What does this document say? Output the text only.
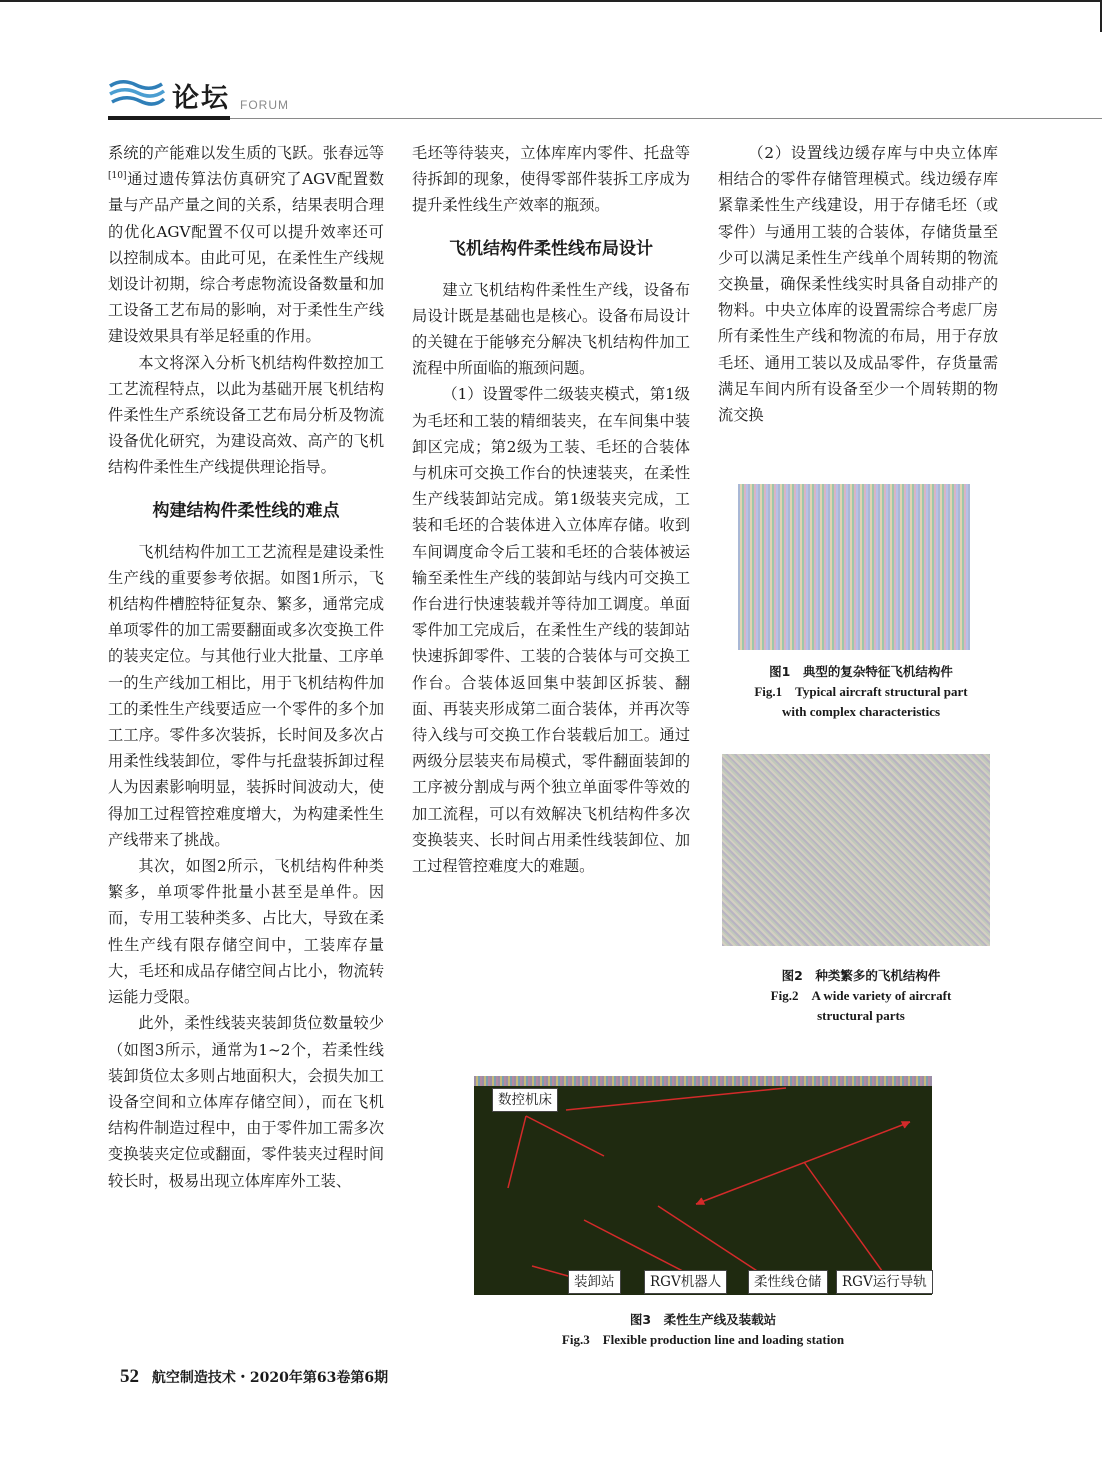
论坛 FORUM

系统的产能难以发生质的飞跃。张春远等[10]通过遗传算法仿真研究了AGV配置数量与产品产量之间的关系，结果表明合理的优化AGV配置不仅可以提升效率还可以控制成本。由此可见，在柔性生产线规划设计初期，综合考虑物流设备数量和加工设备工艺布局的影响，对于柔性生产线建设效果具有举足轻重的作用。

本文将深入分析飞机结构件数控加工工艺流程特点，以此为基础开展飞机结构件柔性生产系统设备工艺布局分析及物流设备优化研究，为建设高效、高产的飞机结构件柔性生产线提供理论指导。

构建结构件柔性线的难点

飞机结构件加工工艺流程是建设柔性生产线的重要参考依据。如图1所示，飞机结构件槽腔特征复杂、繁多，通常完成单项零件的加工需要翻面或多次变换工件的装夹定位。与其他行业大批量、工序单一的生产线加工相比，用于飞机结构件加工的柔性生产线要适应一个零件的多个加工工序。零件多次装拆，长时间及多次占用柔性线装卸位，零件与托盘装拆卸过程人为因素影响明显，装拆时间波动大，使得加工过程管控难度增大，为构建柔性生产线带来了挑战。

其次，如图2所示，飞机结构件种类繁多，单项零件批量小甚至是单件。因而，专用工装种类多、占比大，导致在柔性生产线有限存储空间中，工装库存量大，毛坯和成品存储空间占比小，物流转运能力受限。

此外，柔性线装夹装卸货位数量较少（如图3所示，通常为1~2个，若柔性线装卸货位太多则占地面积大，会损失加工设备空间和立体库存储空间），而在飞机结构件制造过程中，由于零件加工需多次变换装夹定位或翻面，零件装夹过程时间较长时，极易出现立体库库外工装、

毛坯等待装夹，立体库库内零件、托盘等待拆卸的现象，使得零部件装拆工序成为提升柔性线生产效率的瓶颈。

飞机结构件柔性线布局设计

建立飞机结构件柔性生产线，设备布局设计既是基础也是核心。设备布局设计的关键在于能够充分解决飞机结构件加工流程中所面临的瓶颈问题。

（1）设置零件二级装夹模式，第1级为毛坯和工装的精细装夹，在车间集中装卸区完成；第2级为工装、毛坯的合装体与机床可交换工作台的快速装夹，在柔性生产线装卸站完成。第1级装夹完成，工装和毛坯的合装体进入立体库存储。收到车间调度命令后工装和毛坯的合装体被运输至柔性生产线的装卸站与线内可交换工作台进行快速装载并等待加工调度。单面零件加工完成后，在柔性生产线的装卸站快速拆卸零件、工装的合装体与可交换工作台。合装体返回集中装卸区拆装、翻面、再装夹形成第二面合装体，并再次等待入线与可交换工作台装载后加工。通过两级分层装夹布局模式，零件翻面装卸的工序被分割成与两个独立单面零件等效的加工流程，可以有效解决飞机结构件多次变换装夹、长时间占用柔性线装卸位、加工过程管控难度大的难题。

（2）设置线边缓存库与中央立体库相结合的零件存储管理模式。线边缓存库紧靠柔性生产线建设，用于存储毛坯（或零件）与通用工装的合装体，存储货量至少可以满足柔性生产线单个周转期的物流交换量，确保柔性线实时具备自动排产的物料。中央立体库的设置需综合考虑厂房所有柔性生产线和物流的布局，用于存放毛坯、通用工装以及成品零件，存货量需满足车间内所有设备至少一个周转期的物流交换

图1　典型的复杂特征飞机结构件
Fig.1　Typical aircraft structural part
with complex characteristics
图2　种类繁多的飞机结构件
Fig.2　A wide variety of aircraft
structural parts
数控机床
装卸站	RGV机器人	柔性线仓储	RGV运行导轨
图3　柔性生产线及装载站
Fig.3　Flexible production line and loading station
52 航空制造技术・2020年第63卷第6期
